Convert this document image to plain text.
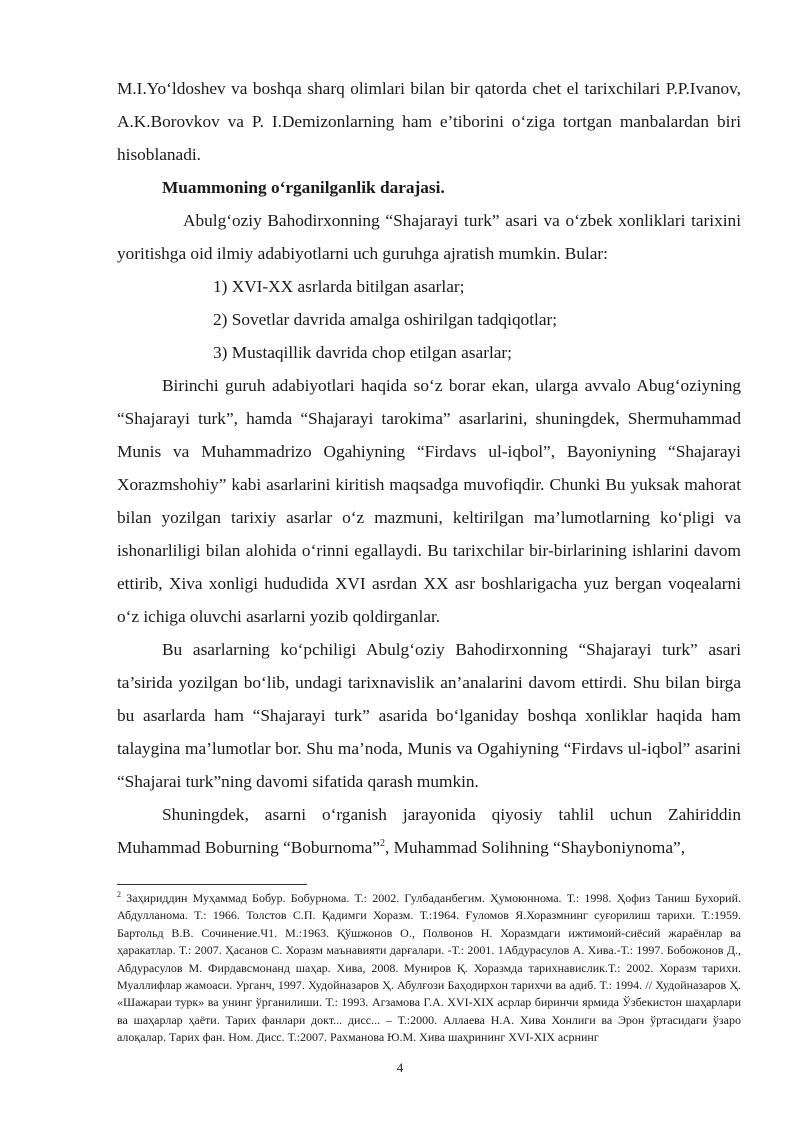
M.I.Yo‘ldoshev va boshqa sharq olimlari bilan bir qatorda chet el tarixchilari P.P.Ivanov, A.K.Borovkov va P. I.Demizonlarning ham e’tiborini o‘ziga tortgan manbalardan biri hisoblanadi.

Muammoning o‘rganilganlik darajasi.

Abulg‘oziy Bahodirxonning “Shajarayi turk” asari va o‘zbek xonliklari tarixini yoritishga oid ilmiy adabiyotlarni uch guruhga ajratish mumkin. Bular:

1) XVI-XX asrlarda bitilgan asarlar;

2) Sovetlar davrida amalga oshirilgan tadqiqotlar;

3) Mustaqillik davrida chop etilgan asarlar;

Birinchi guruh adabiyotlari haqida so‘z borar ekan, ularga avvalo Abug‘oziyning “Shajarayi turk”, hamda “Shajarayi tarokima” asarlarini, shuningdek, Shermuhammad Munis va Muhammadrizo Ogahiyning “Firdavs ul-iqbol”, Bayoniyning “Shajarayi Xorazmshohiy” kabi asarlarini kiritish maqsadga muvofiqdir. Chunki Bu yuksak mahorat bilan yozilgan tarixiy asarlar o‘z mazmuni, keltirilgan ma’lumotlarning ko‘pligi va ishonarliligi bilan alohida o‘rinni egallaydi. Bu tarixchilar bir-birlarining ishlarini davom ettirib, Xiva xonligi hududida XVI asrdan XX asr boshlarigacha yuz bergan voqealarni o‘z ichiga oluvchi asarlarni yozib qoldirganlar.

Bu asarlarning ko‘pchiligi Abulg‘oziy Bahodirxonning “Shajarayi turk” asari ta’sirida yozilgan bo‘lib, undagi tarixnavislik an’analarini davom ettirdi. Shu bilan birga bu asarlarda ham “Shajarayi turk” asarida bo‘lganiday boshqa xonliklar haqida ham talaygina ma’lumotlar bor. Shu ma’noda, Munis va Ogahiyning “Firdavs ul-iqbol” asarini “Shajarai turk”ning davomi sifatida qarash mumkin.

Shuningdek, asarni o‘rganish jarayonida qiyosiy tahlil uchun Zahiriddin Muhammad Boburning “Boburnoma”$^2$, Muhammad Solihning “Shayboniynoma”,

$^2$ Заҳириддин Муҳаммад Бобур. Бобурнома. Т.: 2002. Гулбаданбегим. Ҳумоюннома. Т.: 1998. Ҳофиз Таниш Бухорий. Абдулланома. Т.: 1966. Толстов С.П. Қадимги Хоразм. Т.:1964. Ғуломов Я.Хоразмнинг суғорилиш тарихи. Т.:1959. Бартольд В.В. Сочинение.Ч1. М.:1963. Қўшжонов О., Полвонов Н. Хоразмдаги ижтимоий-сиёсий жараёнлар ва ҳаракатлар. Т.: 2007. Ҳасанов С. Хоразм маънавияти дарғалари. -Т.: 2001. 1Абдурасулов А. Хива.-Т.: 1997. Бобожонов Д., Абдурасулов М. Фирдавсмонанд шаҳар. Хива, 2008. Муниров Қ. Хоразмда тарихнавислик.Т.: 2002. Хоразм тарихи. Муаллифлар жамоаси. Урганч, 1997. Худойназаров Ҳ. Абулғози Баҳодирхон тарихчи ва адиб. Т.: 1994. // Худойназаров Ҳ. «Шажараи турк» ва унинг ўрганилиши. Т.: 1993. Агзамова Г.А. XVI-XIX асрлар биринчи ярмида Ўзбекистон шаҳарлари ва шаҳарлар ҳаёти. Тарих фанлари докт... дисс... – Т.:2000. Аллаева Н.А. Хива Хонлиги ва Эрон ўртасидаги ўзаро алоқалар. Тарих фан. Ном. Дисс. Т.:2007. Рахманова Ю.М. Хива шаҳрининг XVI-XIX асрнинг

4
